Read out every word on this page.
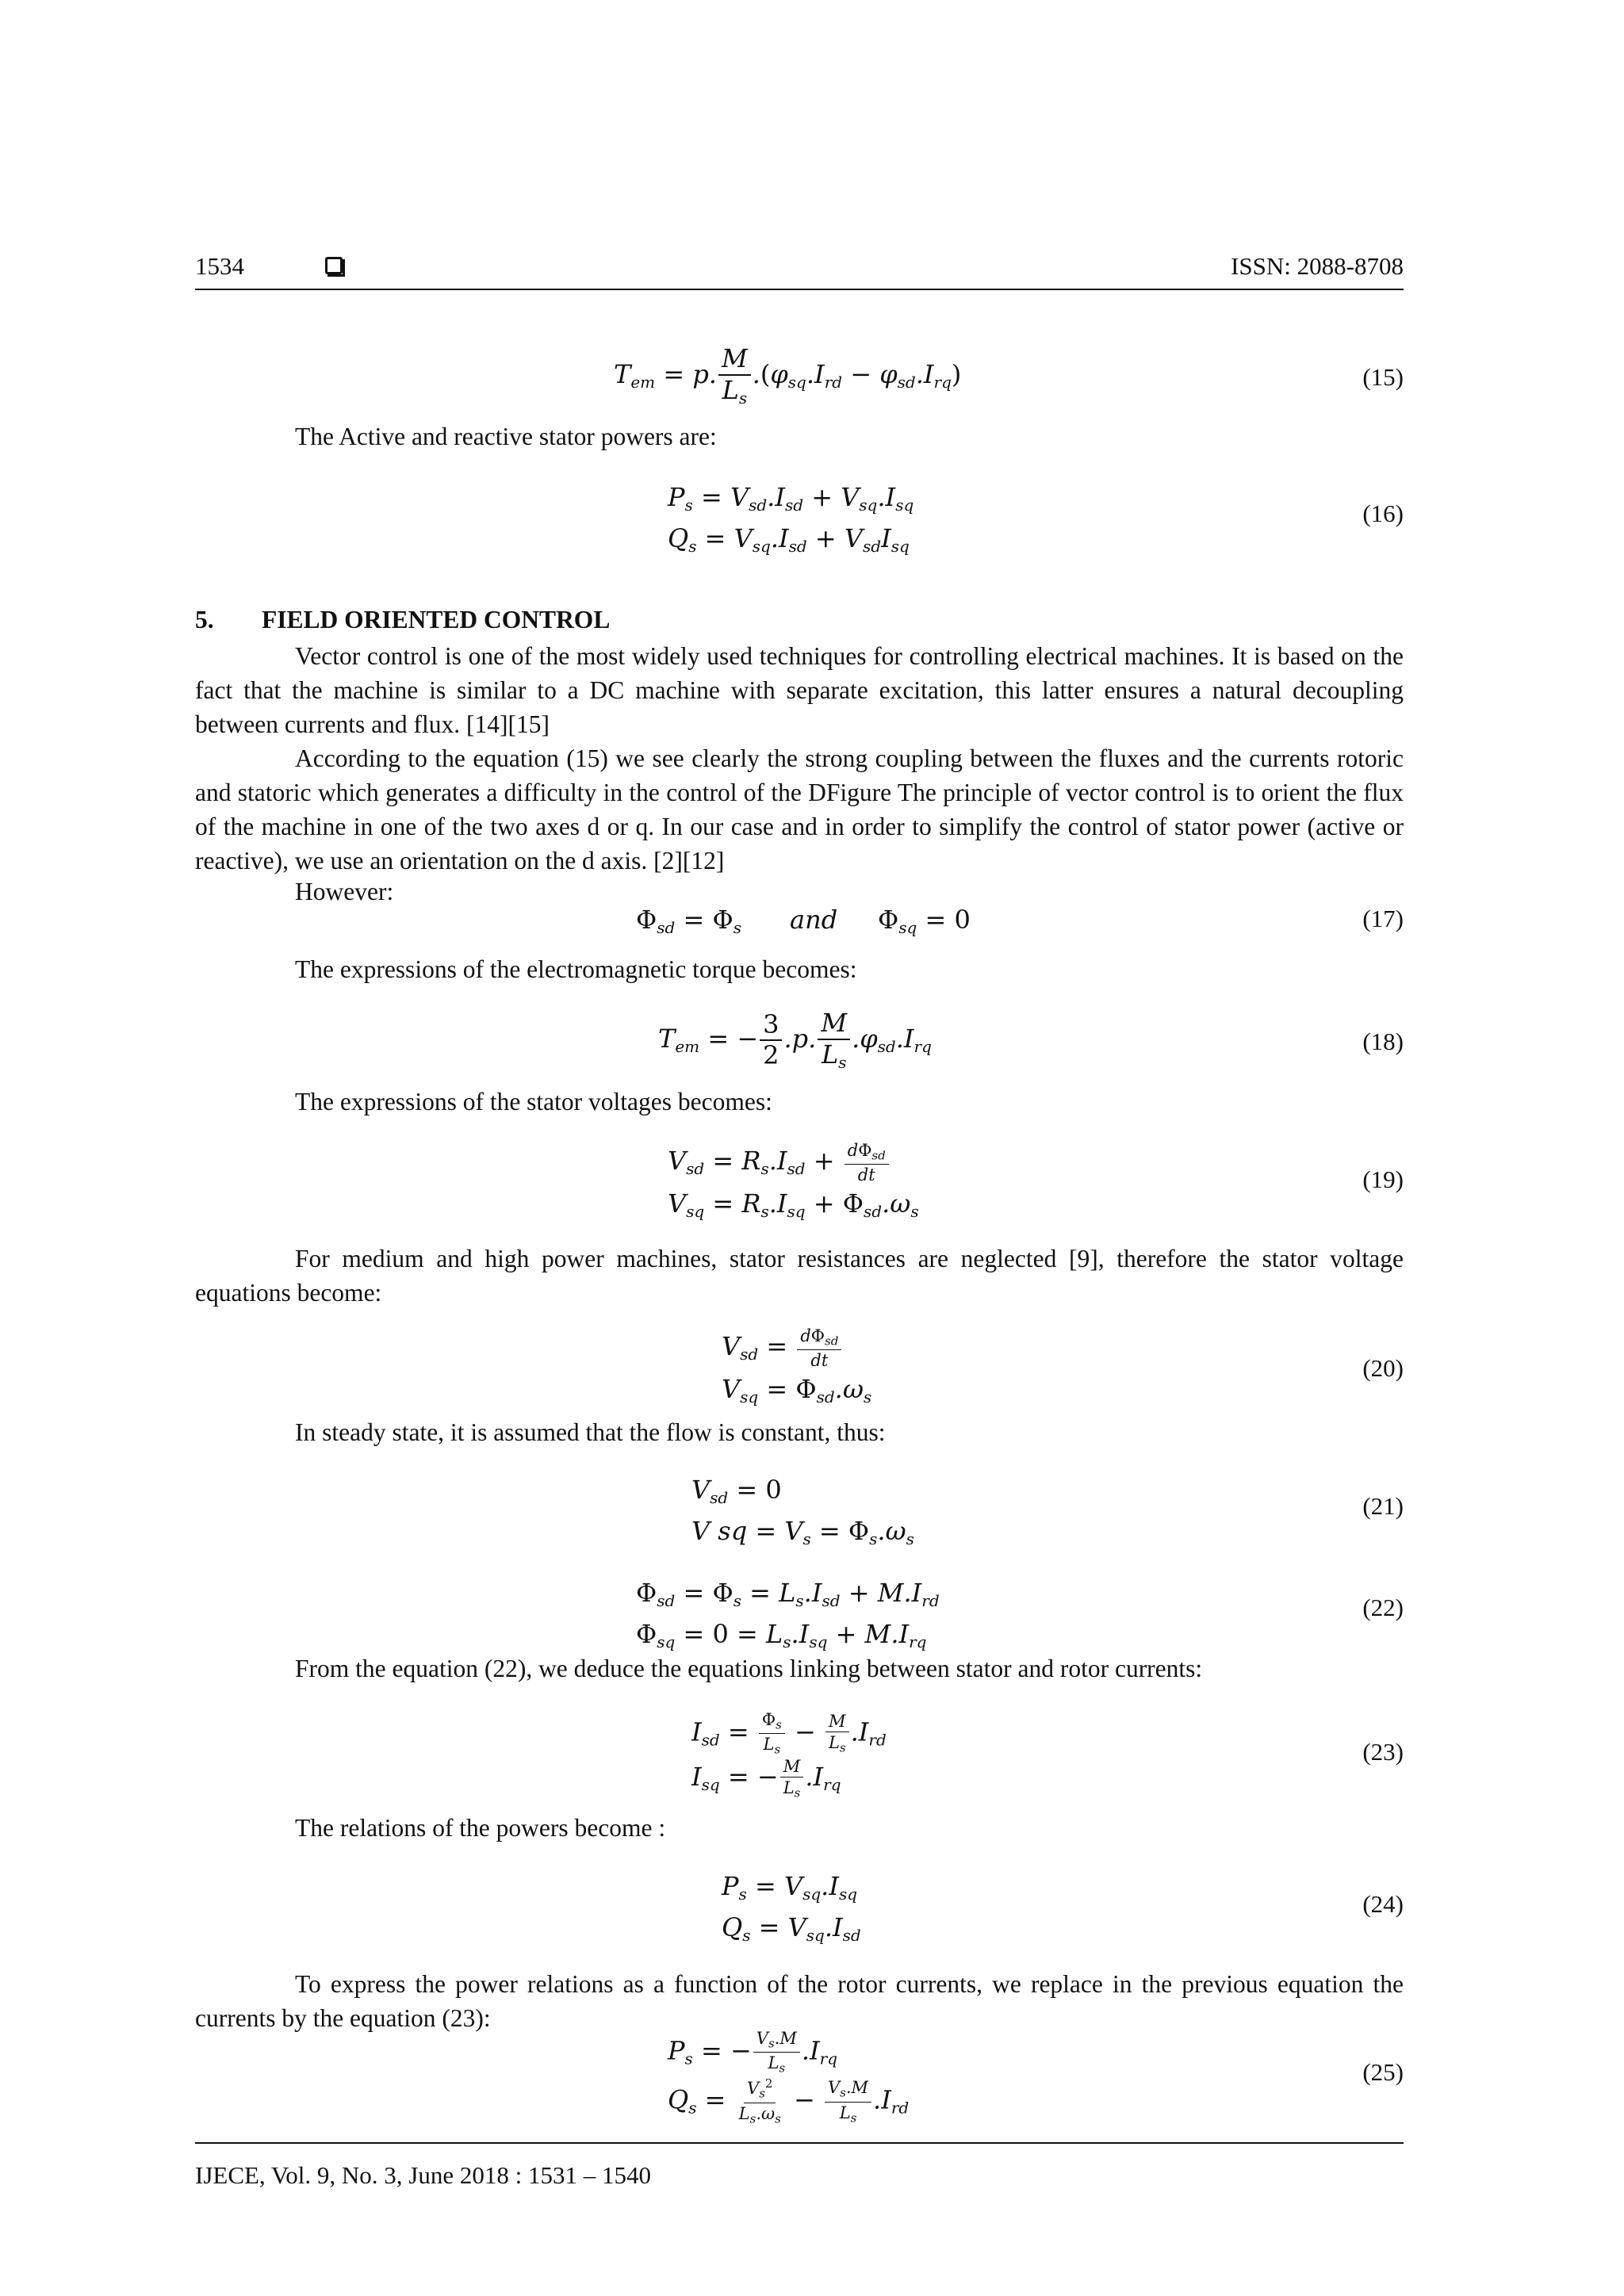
1534	ISSN: 2088-8708
$T_{em} = p$. $\frac{M}{L_s} .(\varphi_{sq}.I_{rd} - \varphi_{sd}.I_{rq})$	(15)
The Active and reactive stator powers are:
$P_s = V_{sd}.I_{sd} + V_{sq}.I_{sq}$
$Q_s = V_{sq}.I_{sd} + V_{sd}I_{sq}$
(16)
5. FIELD ORIENTED CONTROL
Vector control is one of the most widely used techniques for controlling electrical machines. It is based on the fact that the machine is similar to a DC machine with separate excitation, this latter ensures a natural decoupling between currents and flux. [14][15]
According to the equation (15) we see clearly the strong coupling between the fluxes and the currents rotoric and statoric which generates a difficulty in the control of the DFigure The principle of vector control is to orient the flux of the machine in one of the two axes d or q. In our case and in order to simplify the control of stator power (active or reactive), we use an orientation on the d axis. [2][12]
However:
$\Phi_{sd} = \Phi_s$      and     $\Phi_{sq} = 0$	(17)
The expressions of the electromagnetic torque becomes:
$T_{em}$ = − $\frac{3}{2} .p$. $\frac{M}{L_s} .\varphi_{sd}.I_{rq}$	(18)
The expressions of the stator voltages becomes:
$V_{sd} = R_s.I_{sd} + \frac{d\Phi_{sd}}{dt}$
$V_{sq} = R_s.I_{sq} + \Phi_{sd}.\omega_s$
(19)
For medium and high power machines, stator resistances are neglected [9], therefore the stator voltage equations become:
$V_{sd} = \frac{d\Phi_{sd}}{dt}$
$V_{sq} = \Phi_{sd}.\omega_s$
(20)
In steady state, it is assumed that the flow is constant, thus:
$V_{sd} = 0$
V sq = $V_s = \Phi_s.\omega_s$
(21)
$\Phi_{sd} = \Phi_s = L_s.I_{sd} + M.I_{rd}$
$\Phi_{sq} = 0 = L_s.I_{sq} + M.I_{rq}$
(22)
From the equation (22), we deduce the equations linking between stator and rotor currents:
$I_{sd} = \frac{\Phi_s}{L_s} - \frac{M}{L_s} .I_{rd}$
$I_{sq}$ = − $\frac{M}{L_s} .I_{rq}$
(23)
The relations of the powers become :
$P_s = V_{sq}.I_{sq}$
$Q_s = V_{sq}.I_{sd}$
(24)
To express the power relations as a function of the rotor currents, we replace in the previous equation the currents by the equation (23):
$P_s$ = − $\frac{V_s.M}{L_s} .I_{rq}$
$Q_s = \frac{V_s^2}{L_s.\omega_s} - \frac{V_s.M}{L_s} .I_{rd}$
(25)
IJECE, Vol. 9, No. 3, June 2018 : 1531 – 1540
